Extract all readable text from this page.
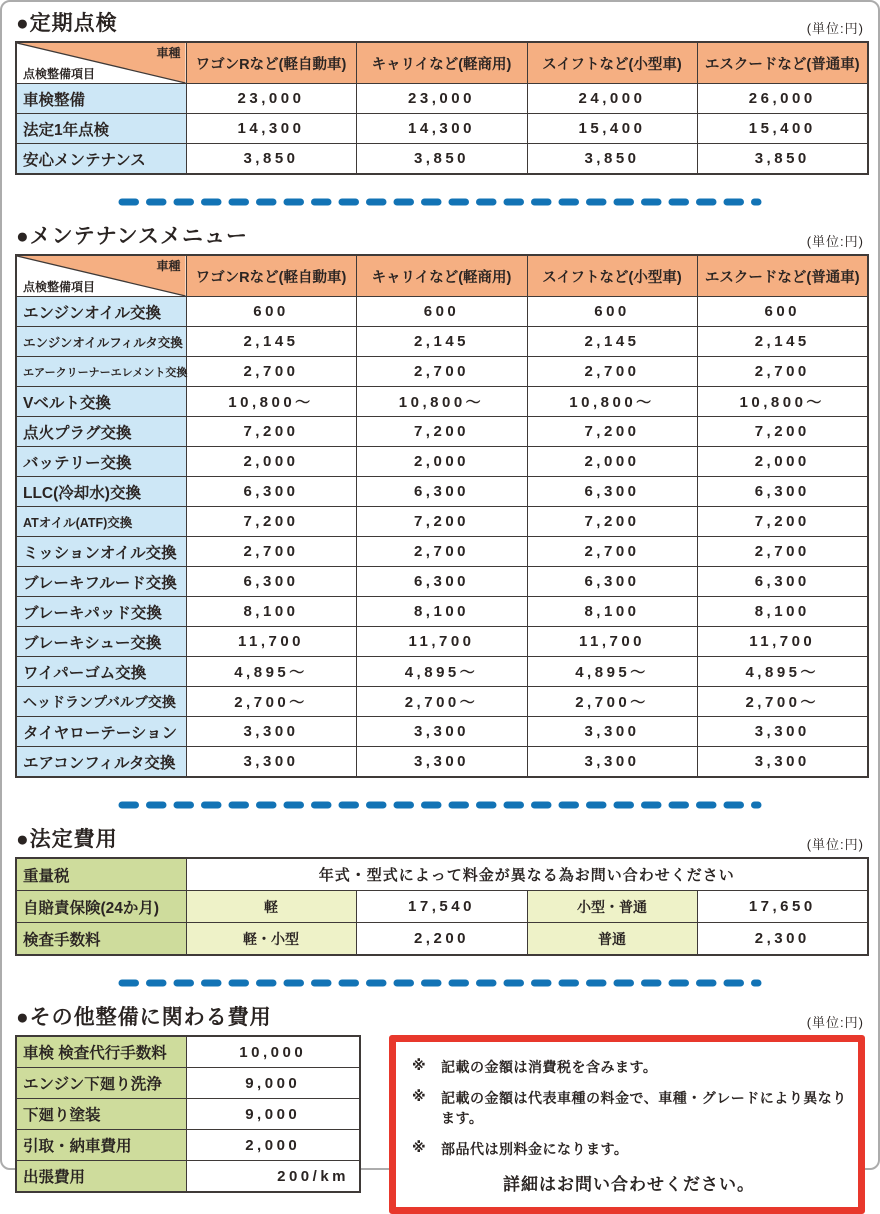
●定期点検	(単位:円)
車種
点検整備項目	ワゴンRなど(軽自動車)	キャリイなど(軽商用)	スイフトなど(小型車)	エスクードなど(普通車)
車検整備	23,000	23,000	24,000	26,000
法定1年点検	14,300	14,300	15,400	15,400
安心メンテナンス	3,850	3,850	3,850	3,850
●メンテナンスメニュー	(単位:円)
車種
点検整備項目	ワゴンRなど(軽自動車)	キャリイなど(軽商用)	スイフトなど(小型車)	エスクードなど(普通車)
エンジンオイル交換	600	600	600	600
エンジンオイルフィルタ交換	2,145	2,145	2,145	2,145
エアークリーナーエレメント交換	2,700	2,700	2,700	2,700
Vベルト交換	10,800〜	10,800〜	10,800〜	10,800〜
点火プラグ交換	7,200	7,200	7,200	7,200
バッテリー交換	2,000	2,000	2,000	2,000
LLC(冷却水)交換	6,300	6,300	6,300	6,300
ATオイル(ATF)交換	7,200	7,200	7,200	7,200
ミッションオイル交換	2,700	2,700	2,700	2,700
ブレーキフルード交換	6,300	6,300	6,300	6,300
ブレーキパッド交換	8,100	8,100	8,100	8,100
ブレーキシュー交換	11,700	11,700	11,700	11,700
ワイパーゴム交換	4,895〜	4,895〜	4,895〜	4,895〜
ヘッドランプバルブ交換	2,700〜	2,700〜	2,700〜	2,700〜
タイヤローテーション	3,300	3,300	3,300	3,300
エアコンフィルタ交換	3,300	3,300	3,300	3,300
●法定費用	(単位:円)
重量税	年式・型式によって料金が異なる為お問い合わせください			
自賠責保険(24か月)	軽	17,540	小型・普通	17,650
検査手数料	軽・小型	2,200	普通	2,300
●その他整備に関わる費用	(単位:円)
車検 検査代行手数料	10,000
エンジン下廻り洗浄	9,000
下廻り塗装	9,000
引取・納車費用	2,000
出張費用	200/km
※ 記載の金額は消費税を含みます。
※ 記載の金額は代表車種の料金で、車種・グレードにより異なります。
※ 部品代は別料金になります。
詳細はお問い合わせください。
